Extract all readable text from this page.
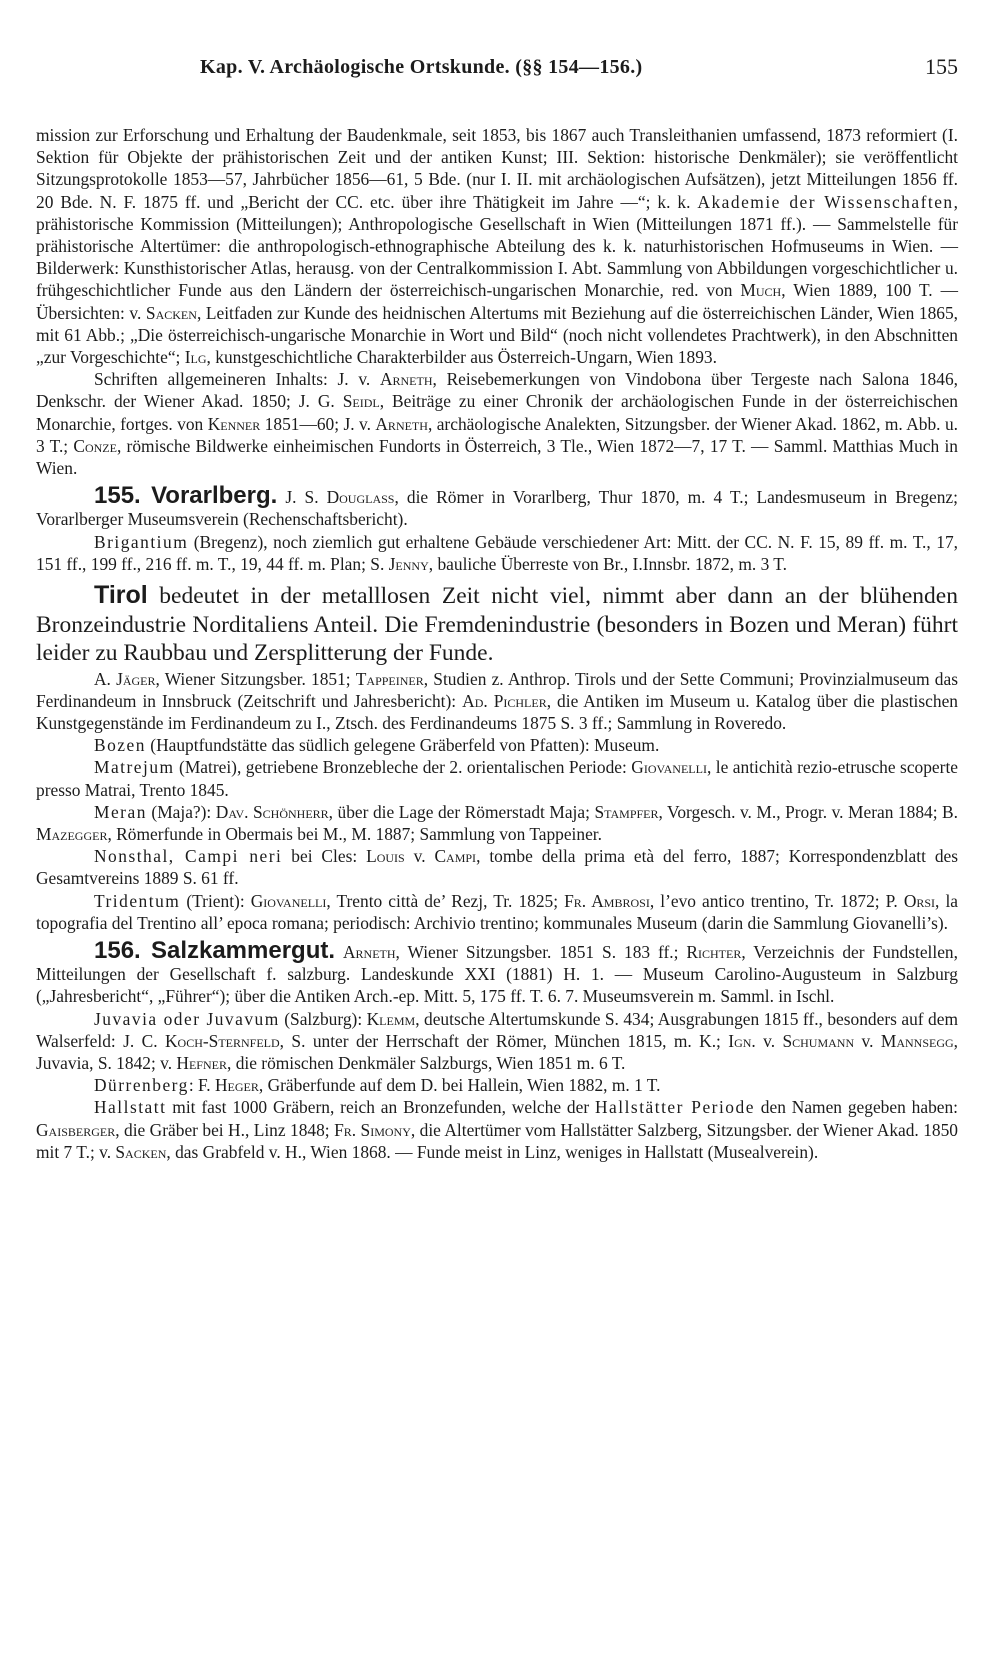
Kap. V. Archäologische Ortskunde. (§§ 154—156.)	155

mission zur Erforschung und Erhaltung der Baudenkmale, seit 1853, bis 1867 auch Transleithanien umfassend, 1873 reformiert (I. Sektion für Objekte der prähistorischen Zeit und der antiken Kunst; III. Sektion: historische Denkmäler); sie veröffentlicht Sitzungsprotokolle 1853—57, Jahrbücher 1856—61, 5 Bde. (nur I. II. mit archäologischen Aufsätzen), jetzt Mitteilungen 1856 ff. 20 Bde. N. F. 1875 ff. und „Bericht der CC. etc. über ihre Thätigkeit im Jahre —“; k. k. Akademie der Wissenschaften, prähistorische Kommission (Mitteilungen); Anthropologische Gesellschaft in Wien (Mitteilungen 1871 ff.). — Sammelstelle für prähistorische Altertümer: die anthropologisch-ethnographische Abteilung des k. k. naturhistorischen Hofmuseums in Wien. — Bilderwerk: Kunsthistorischer Atlas, herausg. von der Centralkommission I. Abt. Sammlung von Abbildungen vorgeschichtlicher u. frühgeschichtlicher Funde aus den Ländern der österreichisch-ungarischen Monarchie, red. von Much, Wien 1889, 100 T. — Übersichten: v. Sacken, Leitfaden zur Kunde des heidnischen Altertums mit Beziehung auf die österreichischen Länder, Wien 1865, mit 61 Abb.; „Die österreichisch-ungarische Monarchie in Wort und Bild“ (noch nicht vollendetes Prachtwerk), in den Abschnitten „zur Vorgeschichte“; Ilg, kunstgeschichtliche Charakterbilder aus Österreich-Ungarn, Wien 1893.

Schriften allgemeineren Inhalts: J. v. Arneth, Reisebemerkungen von Vindobona über Tergeste nach Salona 1846, Denkschr. der Wiener Akad. 1850; J. G. Seidl, Beiträge zu einer Chronik der archäologischen Funde in der österreichischen Monarchie, fortges. von Kenner 1851—60; J. v. Arneth, archäologische Analekten, Sitzungsber. der Wiener Akad. 1862, m. Abb. u. 3 T.; Conze, römische Bildwerke einheimischen Fundorts in Österreich, 3 Tle., Wien 1872—7, 17 T. — Samml. Matthias Much in Wien.

155. Vorarlberg. J. S. Douglass, die Römer in Vorarlberg, Thur 1870, m. 4 T.; Landesmuseum in Bregenz; Vorarlberger Museumsverein (Rechenschaftsbericht).

Brigantium (Bregenz), noch ziemlich gut erhaltene Gebäude verschiedener Art: Mitt. der CC. N. F. 15, 89 ff. m. T., 17, 151 ff., 199 ff., 216 ff. m. T., 19, 44 ff. m. Plan; S. Jenny, bauliche Überreste von Br., I.Innsbr. 1872, m. 3 T.

Tirol bedeutet in der metalllosen Zeit nicht viel, nimmt aber dann an der blühenden Bronzeindustrie Norditaliens Anteil. Die Fremdenindustrie (besonders in Bozen und Meran) führt leider zu Raubbau und Zersplitterung der Funde.

A. Jäger, Wiener Sitzungsber. 1851; Tappeiner, Studien z. Anthrop. Tirols und der Sette Communi; Provinzialmuseum das Ferdinandeum in Innsbruck (Zeitschrift und Jahresbericht): Ad. Pichler, die Antiken im Museum u. Katalog über die plastischen Kunstgegenstände im Ferdinandeum zu I., Ztsch. des Ferdinandeums 1875 S. 3 ff.; Sammlung in Roveredo.

Bozen (Hauptfundstätte das südlich gelegene Gräberfeld von Pfatten): Museum.

Matrejum (Matrei), getriebene Bronzebleche der 2. orientalischen Periode: Giovanelli, le antichità rezio-etrusche scoperte presso Matrai, Trento 1845.

Meran (Maja?): Dav. Schönherr, über die Lage der Römerstadt Maja; Stampfer, Vorgesch. v. M., Progr. v. Meran 1884; B. Mazegger, Römerfunde in Obermais bei M., M. 1887; Sammlung von Tappeiner.

Nonsthal, Campi neri bei Cles: Louis v. Campi, tombe della prima età del ferro, 1887; Korrespondenzblatt des Gesamtvereins 1889 S. 61 ff.

Tridentum (Trient): Giovanelli, Trento città de’ Rezj, Tr. 1825; Fr. Ambrosi, l’evo antico trentino, Tr. 1872; P. Orsi, la topografia del Trentino all’ epoca romana; periodisch: Archivio trentino; kommunales Museum (darin die Sammlung Giovanelli’s).

156. Salzkammergut. Arneth, Wiener Sitzungsber. 1851 S. 183 ff.; Richter, Verzeichnis der Fundstellen, Mitteilungen der Gesellschaft f. salzburg. Landeskunde XXI (1881) H. 1. — Museum Carolino-Augusteum in Salzburg („Jahresbericht“, „Führer“); über die Antiken Arch.-ep. Mitt. 5, 175 ff. T. 6. 7. Museumsverein m. Samml. in Ischl.

Juvavia oder Juvavum (Salzburg): Klemm, deutsche Altertumskunde S. 434; Ausgrabungen 1815 ff., besonders auf dem Walserfeld: J. C. Koch-Sternfeld, S. unter der Herrschaft der Römer, München 1815, m. K.; Ign. v. Schumann v. Mannsegg, Juvavia, S. 1842; v. Hefner, die römischen Denkmäler Salzburgs, Wien 1851 m. 6 T.

Dürrenberg: F. Heger, Gräberfunde auf dem D. bei Hallein, Wien 1882, m. 1 T.

Hallstatt mit fast 1000 Gräbern, reich an Bronzefunden, welche der Hallstätter Periode den Namen gegeben haben: Gaisberger, die Gräber bei H., Linz 1848; Fr. Simony, die Altertümer vom Hallstätter Salzberg, Sitzungsber. der Wiener Akad. 1850 mit 7 T.; v. Sacken, das Grabfeld v. H., Wien 1868. — Funde meist in Linz, weniges in Hallstatt (Musealverein).
